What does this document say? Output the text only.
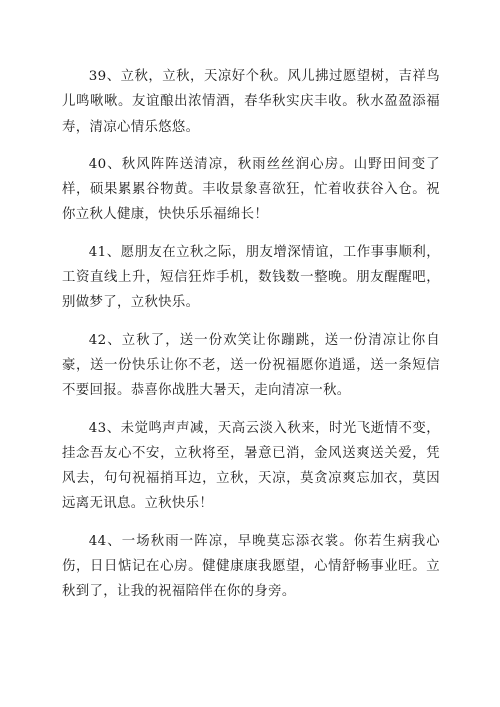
39、立秋，立秋，天凉好个秋。风儿拂过愿望树，吉祥鸟儿鸣啾啾。友谊酿出浓情酒，春华秋实庆丰收。秋水盈盈添福寿，清凉心情乐悠悠。

40、秋风阵阵送清凉，秋雨丝丝润心房。山野田间变了样，硕果累累谷物黄。丰收景象喜欲狂，忙着收获谷入仓。祝你立秋人健康，快快乐乐福绵长！

41、愿朋友在立秋之际，朋友增深情谊，工作事事顺利，工资直线上升，短信狂炸手机，数钱数一整晚。朋友醒醒吧，别做梦了，立秋快乐。

42、立秋了，送一份欢笑让你蹦跳，送一份清凉让你自豪，送一份快乐让你不老，送一份祝福愿你逍遥，送一条短信不要回报。恭喜你战胜大暑天，走向清凉一秋。

43、未觉鸣声声减，天高云淡入秋来，时光飞逝情不变，挂念吾友心不安，立秋将至，暑意已消，金风送爽送关爱，凭风去，句句祝福捎耳边，立秋，天凉，莫贪凉爽忘加衣，莫因远离无讯息。立秋快乐！

44、一场秋雨一阵凉，早晚莫忘添衣裳。你若生病我心伤，日日惦记在心房。健健康康我愿望，心情舒畅事业旺。立秋到了，让我的祝福陪伴在你的身旁。
